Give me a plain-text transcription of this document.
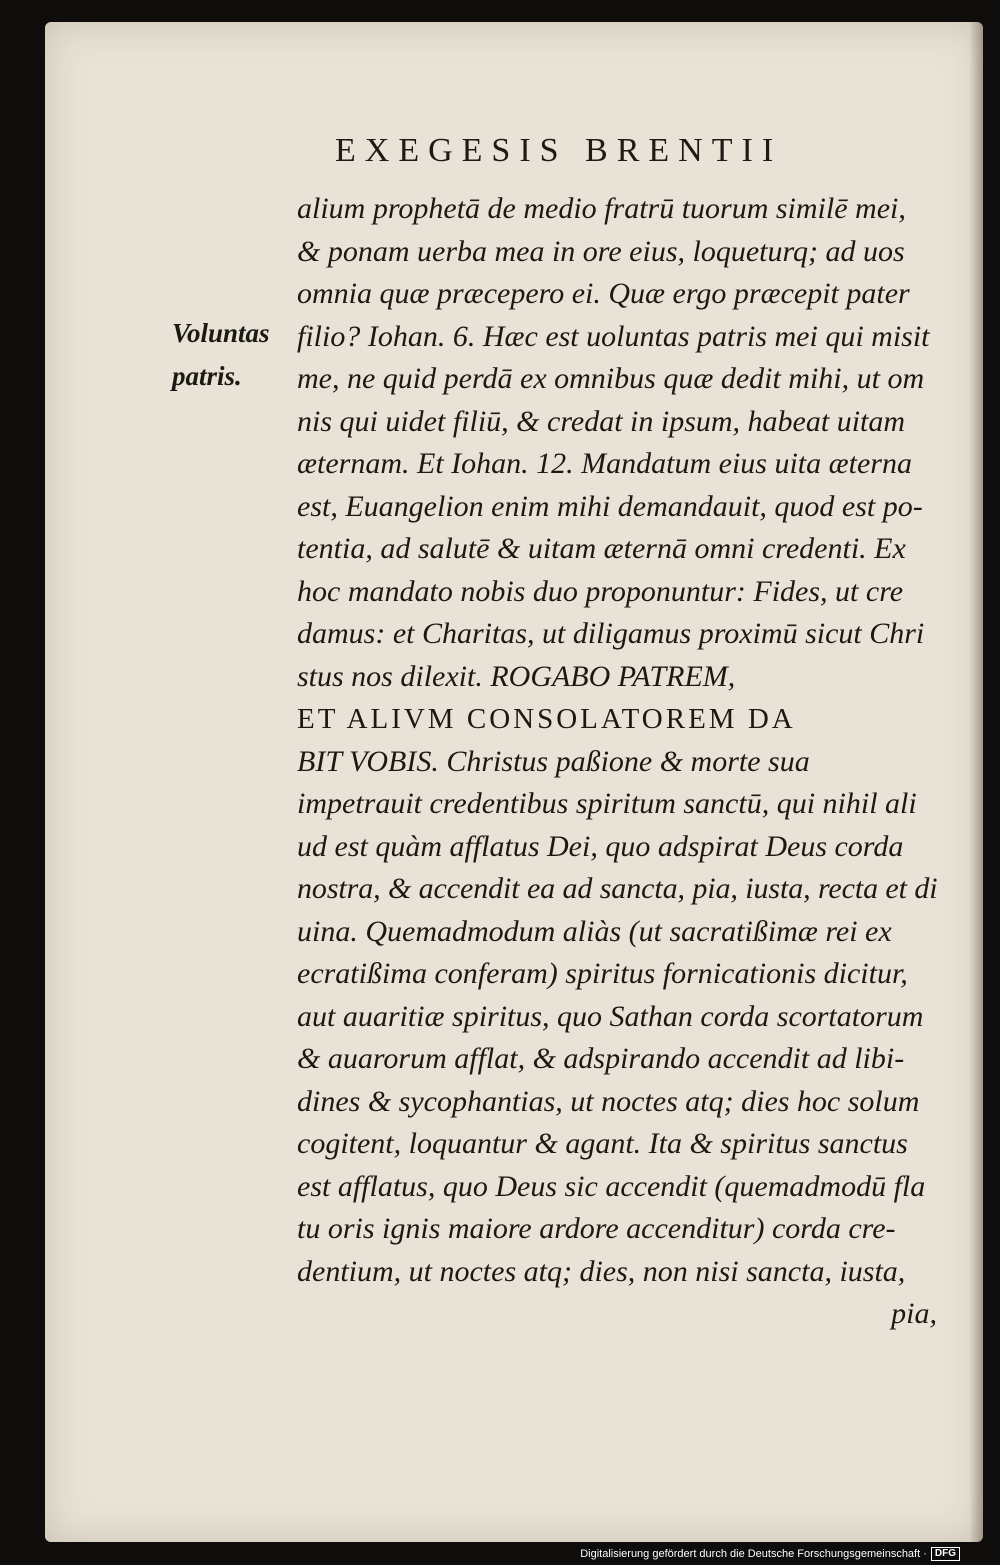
EXEGESIS BRENTII
Voluntas
patris.
alium prophetā de medio fratrū tuorum similē mei,
& ponam uerba mea in ore eius, loqueturq; ad uos
omnia quæ præcepero ei. Quæ ergo præcepit pater
filio? Iohan. 6. Hæc est uoluntas patris mei qui misit
me, ne quid perdā ex omnibus quæ dedit mihi, ut om
nis qui uidet filiū, & credat in ipsum, habeat uitam
æternam. Et Iohan. 12. Mandatum eius uita æterna
est, Euangelion enim mihi demandauit, quod est po-
tentia, ad salutē & uitam æternā omni credenti. Ex
hoc mandato nobis duo proponuntur: Fides, ut cre
damus: et Charitas, ut diligamus proximū sicut Chri
stus nos dilexit. ROGABO PATREM,
ET ALIVM CONSOLATOREM DA
BIT VOBIS. Christus paßione & morte sua
impetrauit credentibus spiritum sanctū, qui nihil ali
ud est quàm afflatus Dei, quo adspirat Deus corda
nostra, & accendit ea ad sancta, pia, iusta, recta et di
uina. Quemadmodum aliàs (ut sacratißimæ rei ex
ecratißima conferam) spiritus fornicationis dicitur,
aut auaritiæ spiritus, quo Sathan corda scortatorum
& auarorum afflat, & adspirando accendit ad libi-
dines & sycophantias, ut noctes atq; dies hoc solum
cogitent, loquantur & agant. Ita & spiritus sanctus
est afflatus, quo Deus sic accendit (quemadmodū fla
tu oris ignis maiore ardore accenditur) corda cre-
dentium, ut noctes atq; dies, non nisi sancta, iusta,
pia,
Digitalisierung gefördert durch die Deutsche Forschungsgemeinschaft · DFG
